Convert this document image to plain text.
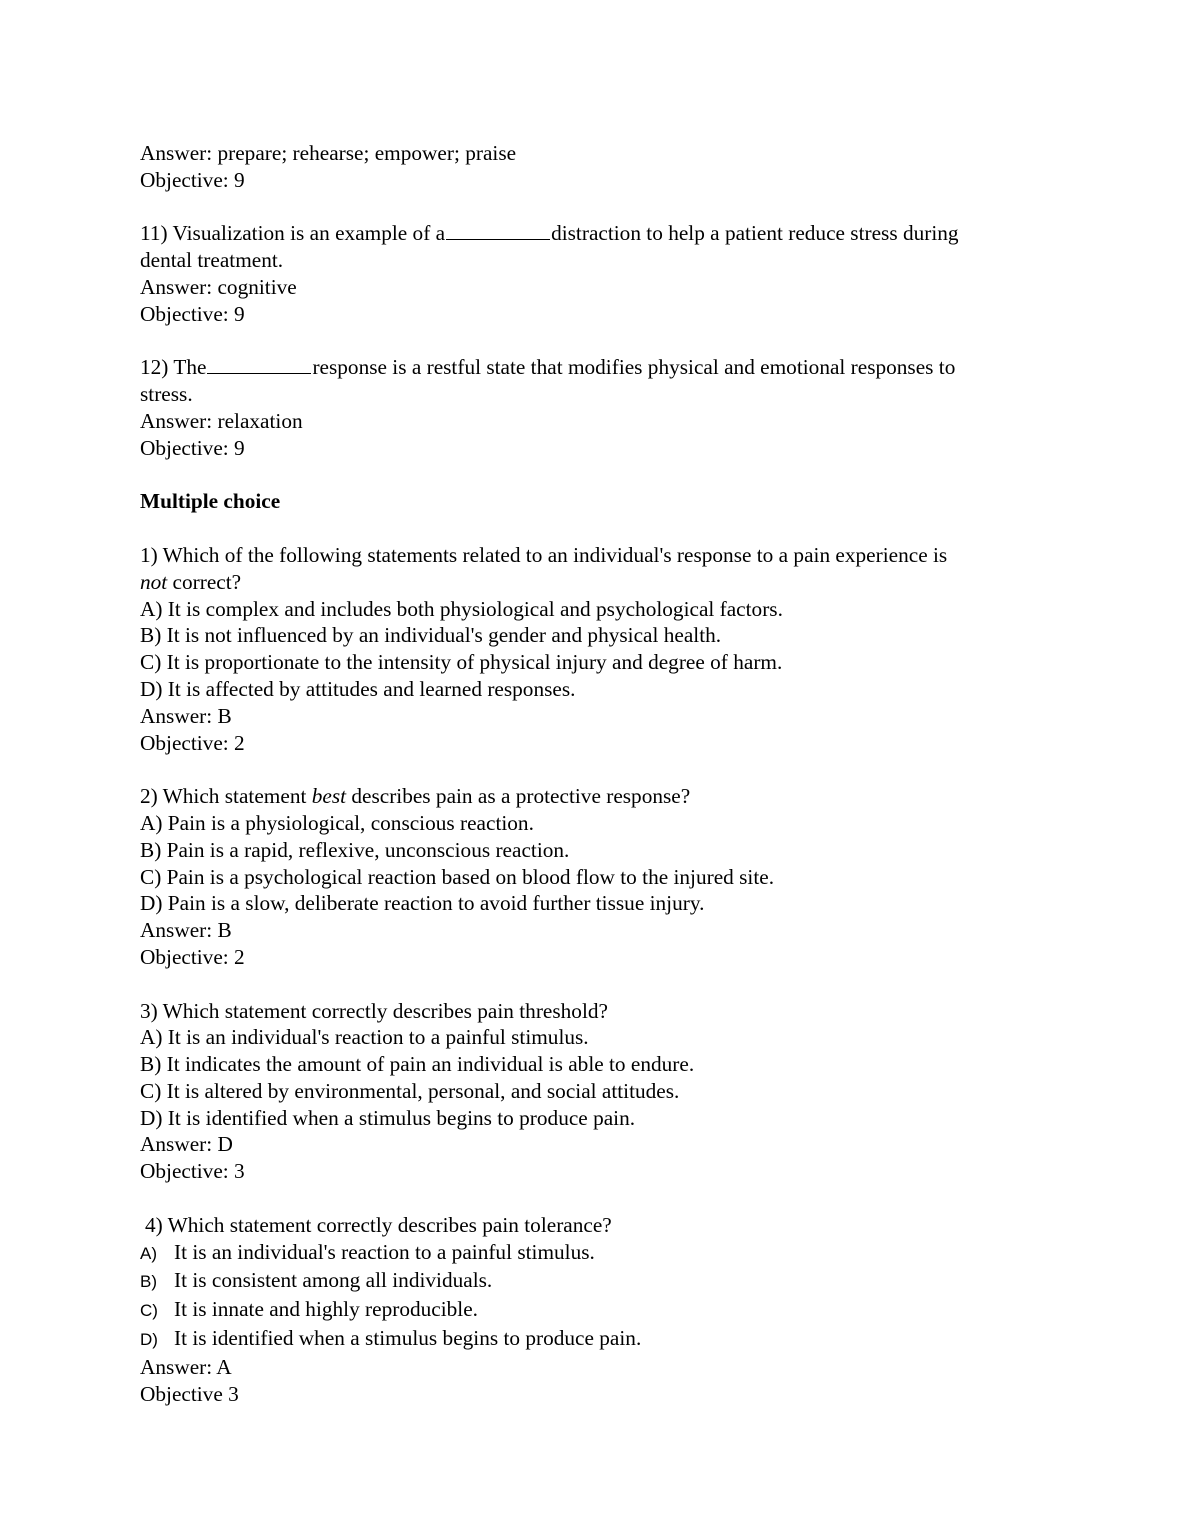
Answer: prepare; rehearse; empower; praise
Objective: 9
11) Visualization is an example of a	distraction to help a patient reduce stress during
dental treatment.
Answer: cognitive
Objective: 9
12) The	response is a restful state that modifies physical and emotional responses to
stress.
Answer: relaxation
Objective: 9
Multiple choice
1) Which of the following statements related to an individual's response to a pain experience is
not correct?
A) It is complex and includes both physiological and psychological factors.
B) It is not influenced by an individual's gender and physical health.
C) It is proportionate to the intensity of physical injury and degree of harm.
D) It is affected by attitudes and learned responses.
Answer: B
Objective: 2
2) Which statement best describes pain as a protective response?
A) Pain is a physiological, conscious reaction.
B) Pain is a rapid, reflexive, unconscious reaction.
C) Pain is a psychological reaction based on blood flow to the injured site.
D) Pain is a slow, deliberate reaction to avoid further tissue injury.
Answer: B
Objective: 2
3) Which statement correctly describes pain threshold?
A) It is an individual's reaction to a painful stimulus.
B) It indicates the amount of pain an individual is able to endure.
C) It is altered by environmental, personal, and social attitudes.
D) It is identified when a stimulus begins to produce pain.
Answer: D
Objective: 3
4) Which statement correctly describes pain tolerance?
A) It is an individual's reaction to a painful stimulus.
B) It is consistent among all individuals.
C) It is innate and highly reproducible.
D) It is identified when a stimulus begins to produce pain.
Answer: A
Objective 3
